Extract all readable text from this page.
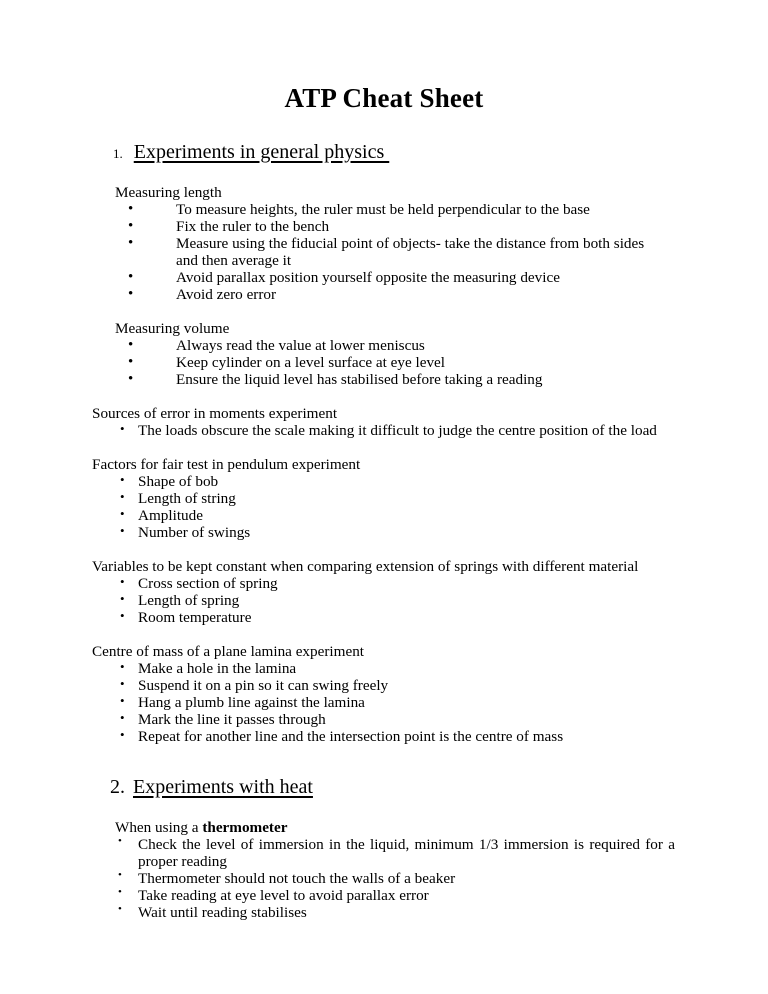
ATP Cheat Sheet
1. Experiments in general physics
Measuring length
•	To measure heights, the ruler must be held perpendicular to the base
•	Fix the ruler to the bench
•	Measure using the fiducial point of objects- take the distance from both sides and then average it
•	Avoid parallax position yourself opposite the measuring device
•	Avoid zero error
Measuring volume
•	Always read the value at lower meniscus
•	Keep cylinder on a level surface at eye level
•	Ensure the liquid level has stabilised before taking a reading
Sources of error in moments experiment
• The loads obscure the scale making it difficult to judge the centre position of the load
Factors for fair test in pendulum experiment
• Shape of bob
• Length of string
• Amplitude
• Number of swings
Variables to be kept constant when comparing extension of springs with different material
• Cross section of spring
• Length of spring
• Room temperature
Centre of mass of a plane lamina experiment
• Make a hole in the lamina
• Suspend it on a pin so it can swing freely
• Hang a plumb line against the lamina
• Mark the line it passes through
• Repeat for another line and the intersection point is the centre of mass
2. Experiments with heat
When using a thermometer
•	Check the level of immersion in the liquid, minimum 1/3 immersion is required for a proper reading
•	Thermometer should not touch the walls of a beaker
•	Take reading at eye level to avoid parallax error
•	Wait until reading stabilises
